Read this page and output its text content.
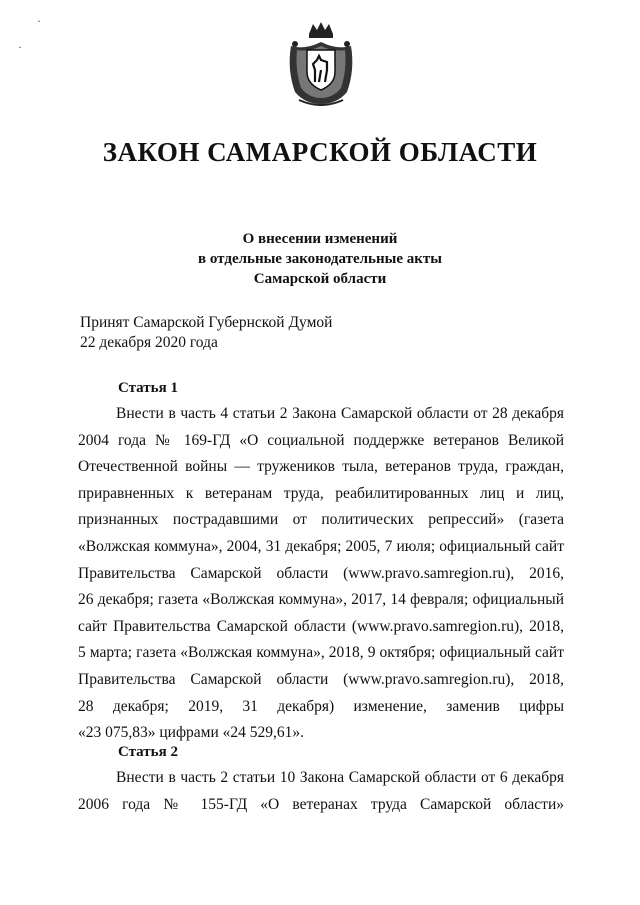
·
·
ЗАКОН САМАРСКОЙ ОБЛАСТИ
О внесении изменений
в отдельные законодательные акты
Самарской области
Принят Самарской Губернской Думой
22 декабря 2020 года
Статья 1
Внести в часть 4 статьи 2 Закона Самарской области от 28 декабря
2004 года № 169-ГД «О социальной поддержке ветеранов Великой
Отечественной войны — тружеников тыла, ветеранов труда, граждан,
приравненных к ветеранам труда, реабилитированных лиц и лиц,
признанных пострадавшими от политических репрессий» (газета
«Волжская коммуна», 2004, 31 декабря; 2005, 7 июля; официальный сайт
Правительства Самарской области (www.pravo.samregion.ru), 2016,
26 декабря; газета «Волжская коммуна», 2017, 14 февраля; официальный
сайт Правительства Самарской области (www.pravo.samregion.ru), 2018,
5 марта; газета «Волжская коммуна», 2018, 9 октября; официальный сайт
Правительства Самарской области (www.pravo.samregion.ru), 2018,
28 декабря; 2019, 31 декабря) изменение, заменив цифры
«23 075,83» цифрами «24 529,61».
Статья 2
Внести в часть 2 статьи 10 Закона Самарской области от 6 декабря
2006 года № 155-ГД «О ветеранах труда Самарской области»
